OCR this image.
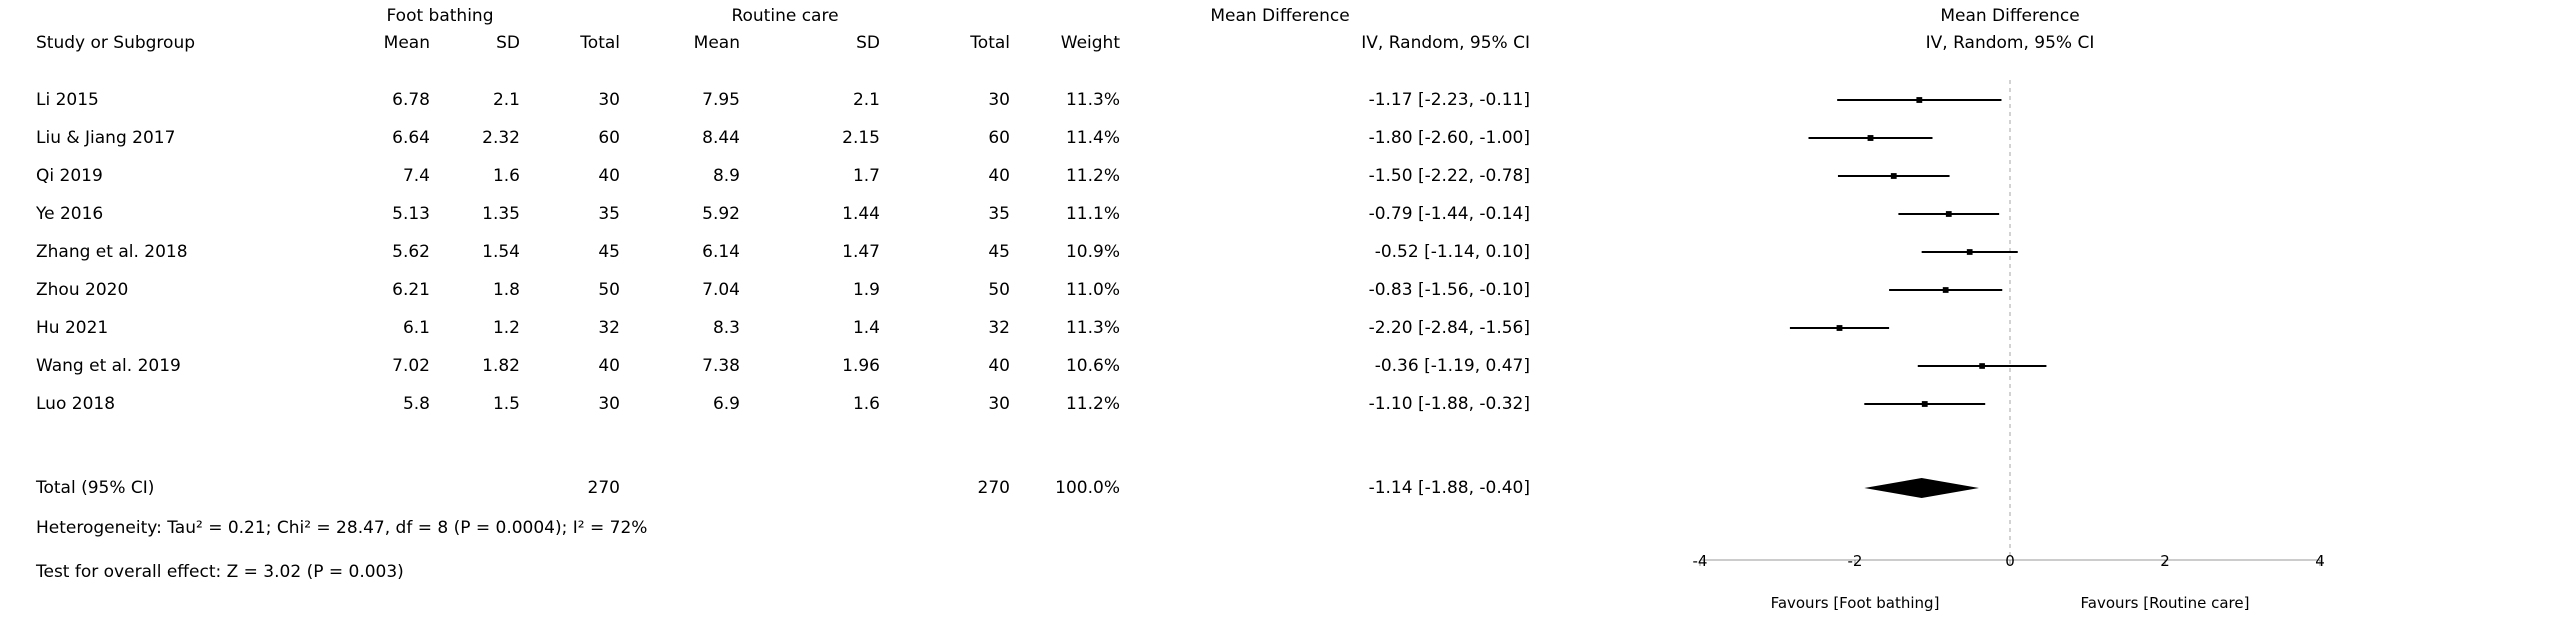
Foot bathing	Routine care	Mean Difference	Mean Difference
Study or Subgroup	Mean	SD	Total	Mean	SD	Total	Weight	IV, Random, 95% CI	IV, Random, 95% CI
Li 2015	6.78	2.1	30	7.95	2.1	30	11.3%	-1.17 [-2.23, -0.11]
Liu & Jiang 2017	6.64	2.32	60	8.44	2.15	60	11.4%	-1.80 [-2.60, -1.00]
Qi 2019	7.4	1.6	40	8.9	1.7	40	11.2%	-1.50 [-2.22, -0.78]
Ye 2016	5.13	1.35	35	5.92	1.44	35	11.1%	-0.79 [-1.44, -0.14]
Zhang et al. 2018	5.62	1.54	45	6.14	1.47	45	10.9%	-0.52 [-1.14, 0.10]
Zhou 2020	6.21	1.8	50	7.04	1.9	50	11.0%	-0.83 [-1.56, -0.10]
Hu 2021	6.1	1.2	32	8.3	1.4	32	11.3%	-2.20 [-2.84, -1.56]
Wang et al. 2019	7.02	1.82	40	7.38	1.96	40	10.6%	-0.36 [-1.19, 0.47]
Luo 2018	5.8	1.5	30	6.9	1.6	30	11.2%	-1.10 [-1.88, -0.32]
Total (95% CI)	270	270	100.0%	-1.14 [-1.88, -0.40]
Heterogeneity: Tau² = 0.21; Chi² = 28.47, df = 8 (P = 0.0004); I² = 72%
Test for overall effect: Z = 3.02 (P = 0.003)
-4	-2	0	2	4
Favours [Foot bathing]	Favours [Routine care]
